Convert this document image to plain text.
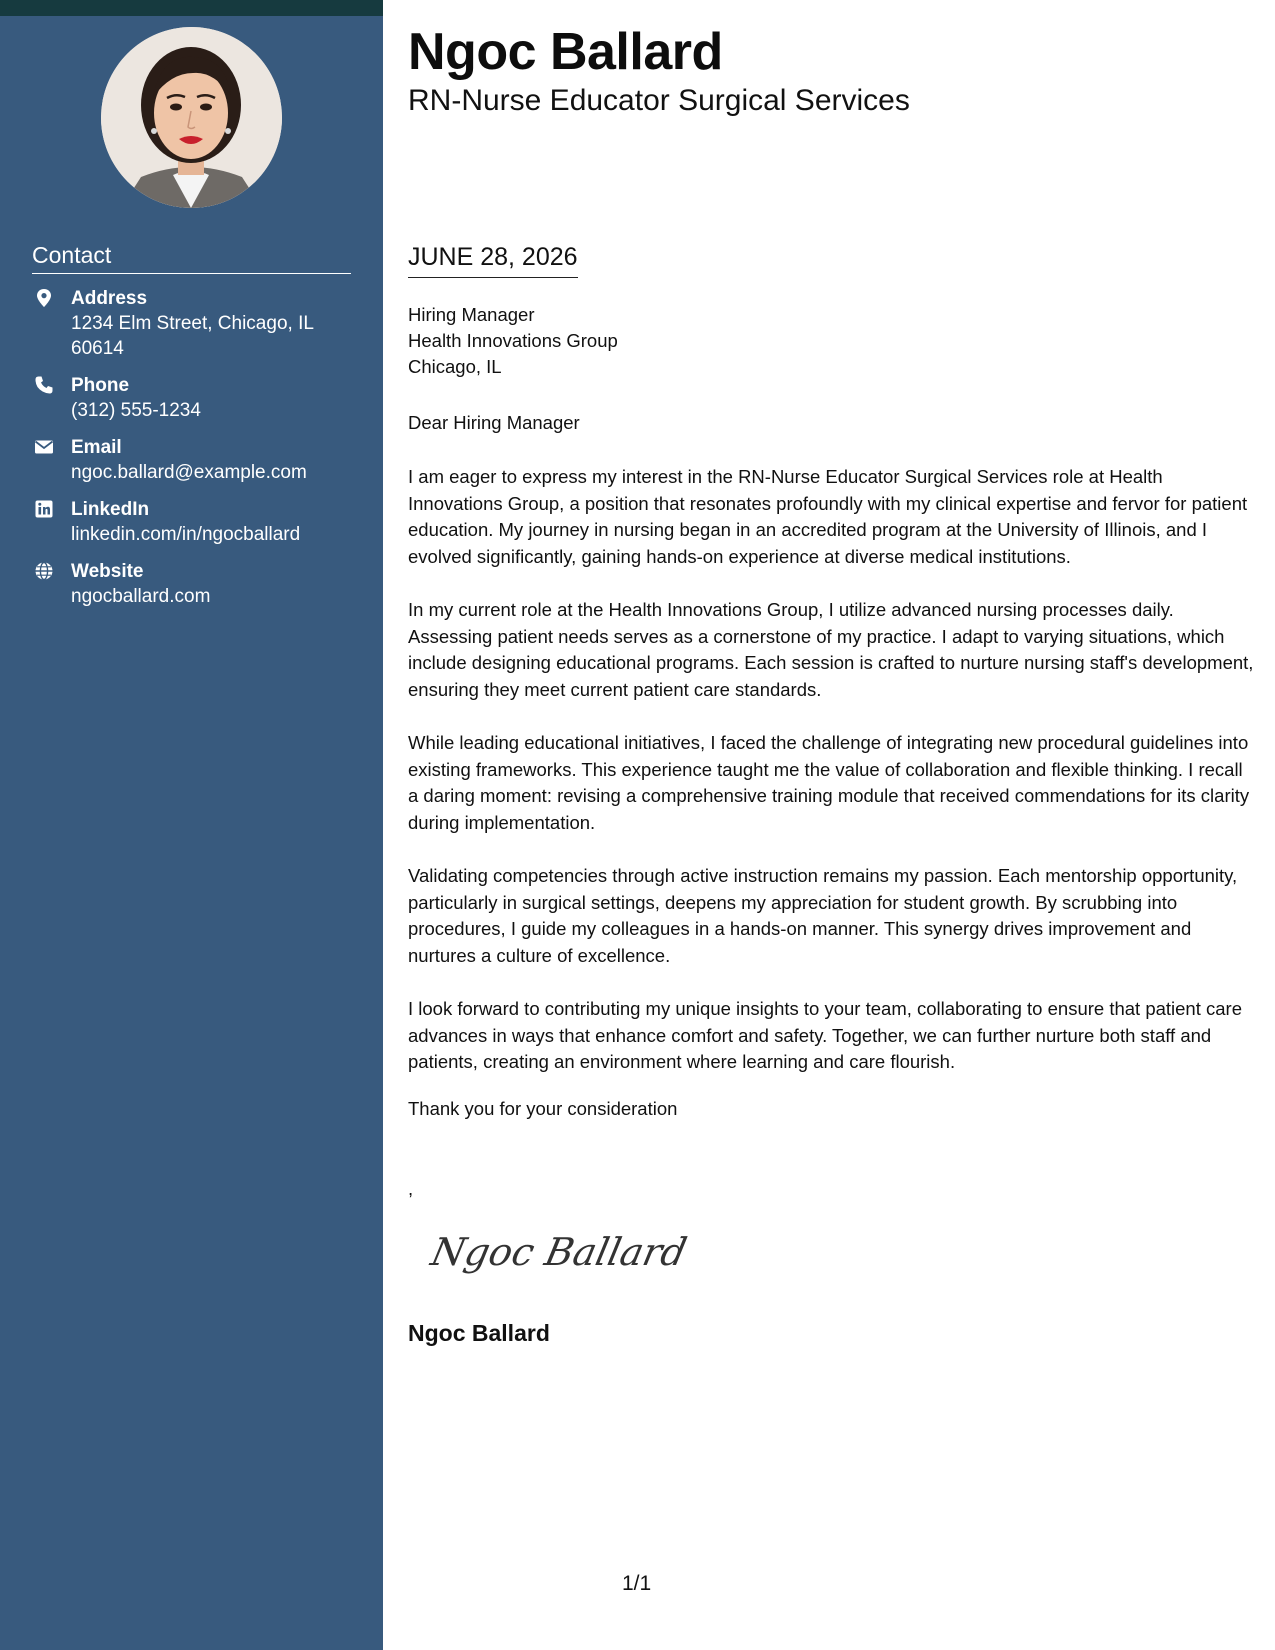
Contact
Address
1234 Elm Street, Chicago, IL 60614
Phone
(312) 555-1234
Email
ngoc.ballard@example.com
LinkedIn
linkedin.com/in/ngocballard
Website
ngocballard.com
Ngoc Ballard
RN-Nurse Educator Surgical Services
JUNE 28, 2026
Hiring Manager
Health Innovations Group
Chicago, IL
Dear Hiring Manager

I am eager to express my interest in the RN-Nurse Educator Surgical Services role at Health Innovations Group, a position that resonates profoundly with my clinical expertise and fervor for patient education. My journey in nursing began in an accredited program at the University of Illinois, and I evolved significantly, gaining hands-on experience at diverse medical institutions.

In my current role at the Health Innovations Group, I utilize advanced nursing processes daily. Assessing patient needs serves as a cornerstone of my practice. I adapt to varying situations, which include designing educational programs. Each session is crafted to nurture nursing staff's development, ensuring they meet current patient care standards.

While leading educational initiatives, I faced the challenge of integrating new procedural guidelines into existing frameworks. This experience taught me the value of collaboration and flexible thinking. I recall a daring moment: revising a comprehensive training module that received commendations for its clarity during implementation.

Validating competencies through active instruction remains my passion. Each mentorship opportunity, particularly in surgical settings, deepens my appreciation for student growth. By scrubbing into procedures, I guide my colleagues in a hands-on manner. This synergy drives improvement and nurtures a culture of excellence.

I look forward to contributing my unique insights to your team, collaborating to ensure that patient care advances in ways that enhance comfort and safety. Together, we can further nurture both staff and patients, creating an environment where learning and care flourish.

Thank you for your consideration
,
Ngoc Ballard
Ngoc Ballard
1/1
